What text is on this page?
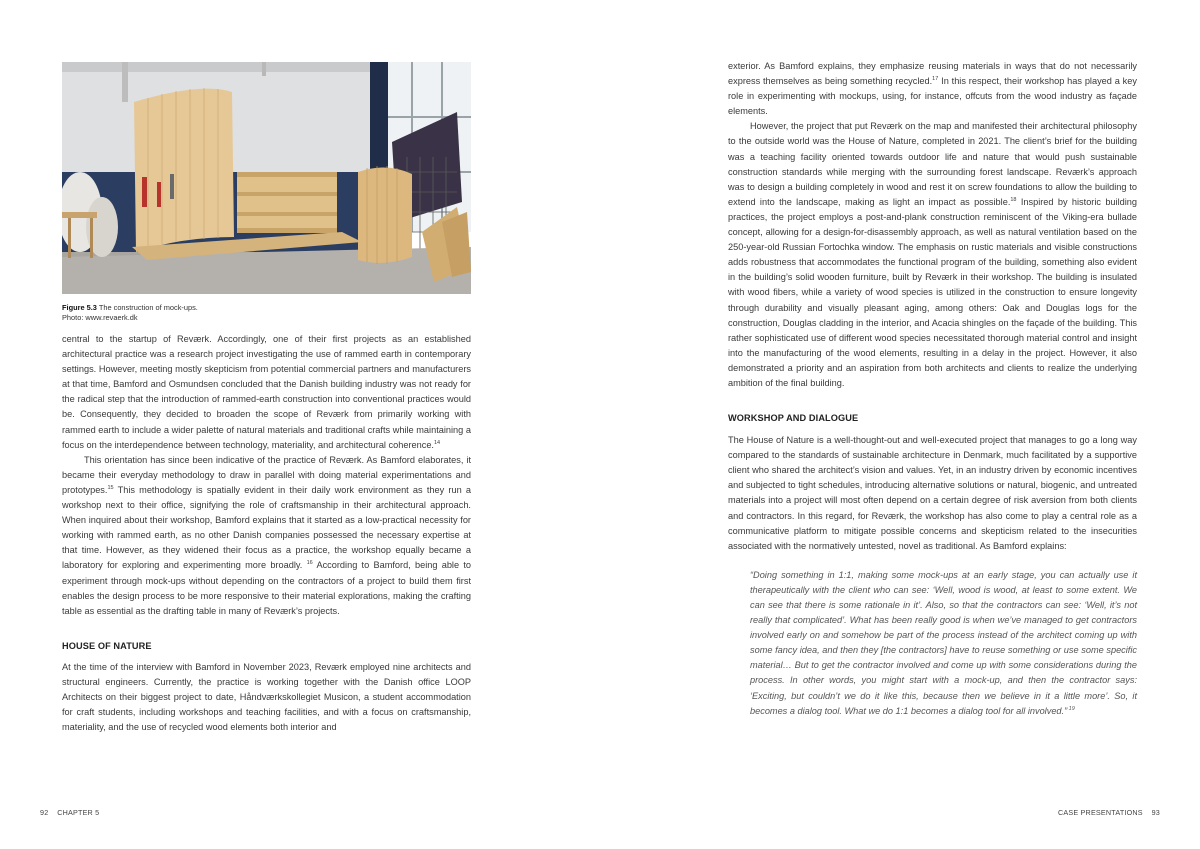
Figure 5.3 The construction of mock-ups.
Photo: www.revaerk.dk

central to the startup of Reværk. Accordingly, one of their first projects as an established architectural practice was a research project investigating the use of rammed earth in contemporary settings. However, meeting mostly skepticism from potential commercial partners and manufacturers at that time, Bamford and Osmundsen concluded that the Danish building industry was not ready for the radical step that the introduction of rammed-earth construction into conventional practices would be. Consequently, they decided to broaden the scope of Reværk from primarily working with rammed earth to include a wider palette of natural materials and traditional crafts while maintaining a focus on the interdependence between technology, materiality, and architectural coherence.$^{14}$

This orientation has since been indicative of the practice of Reværk. As Bamford elaborates, it became their everyday methodology to draw in parallel with doing material experimentations and prototypes.$^{15}$ This methodology is spatially evident in their daily work environment as they run a workshop next to their office, signifying the role of craftsmanship in their architectural approach. When inquired about their workshop, Bamford explains that it started as a low-practical necessity for working with rammed earth, as no other Danish companies possessed the necessary expertise at that time. However, as they widened their focus as a practice, the workshop equally became a laboratory for exploring and experimenting more broadly. $^{16}$ According to Bamford, being able to experiment through mock-ups without depending on the contractors of a project to build them first enables the design process to be more responsive to their material explorations, making the crafting table as essential as the drafting table in many of Reværk’s projects.

HOUSE OF NATURE

At the time of the interview with Bamford in November 2023, Reværk employed nine architects and structural engineers. Currently, the practice is working together with the Danish office LOOP Architects on their biggest project to date, Håndværkskollegiet Musicon, a student accommodation for craft students, including workshops and teaching facilities, and with a focus on craftsmanship, materiality, and the use of recycled wood elements both interior and

exterior. As Bamford explains, they emphasize reusing materials in ways that do not necessarily express themselves as being something recycled.$^{17}$ In this respect, their workshop has played a key role in experimenting with mockups, using, for instance, offcuts from the wood industry as façade elements.

However, the project that put Reværk on the map and manifested their architectural philosophy to the outside world was the House of Nature, completed in 2021. The client’s brief for the building was a teaching facility oriented towards outdoor life and nature that would push sustainable construction standards while merging with the surrounding forest landscape. Reværk’s approach was to design a building completely in wood and rest it on screw foundations to allow the building to extend into the landscape, making as light an impact as possible.$^{18}$ Inspired by historic building practices, the project employs a post-and-plank construction reminiscent of the Viking-era bullade concept, allowing for a design-for-disassembly approach, as well as natural ventilation based on the 250-year-old Russian Fortochka window. The emphasis on rustic materials and visible constructions adds robustness that accommodates the functional program of the building, something also evident in the building’s solid wooden furniture, built by Reværk in their workshop. The building is insulated with wood fibers, while a variety of wood species is utilized in the construction to ensure longevity through durability and visually pleasant aging, among others: Oak and Douglas logs for the construction, Douglas cladding in the interior, and Acacia shingles on the façade of the building. This rather sophisticated use of different wood species necessitated thorough material control and insight into the manufacturing of the wood elements, resulting in a delay in the project. However, it also demonstrated a priority and an aspiration from both architects and clients to realize the underlying ambition of the final building.

WORKSHOP AND DIALOGUE

The House of Nature is a well-thought-out and well-executed project that manages to go a long way compared to the standards of sustainable architecture in Denmark, much facilitated by a supportive client who shared the architect’s vision and values. Yet, in an industry driven by economic incentives and subjected to tight schedules, introducing alternative solutions or natural, biogenic, and untreated materials into a project will most often depend on a certain degree of risk aversion from both clients and contractors. In this regard, for Reværk, the workshop has also come to play a central role as a communicative platform to mitigate possible concerns and skepticism related to the insecurities associated with the normatively untested, novel as traditional. As Bamford explains:

“Doing something in 1:1, making some mock-ups at an early stage, you can actually use it therapeutically with the client who can see: ‘Well, wood is wood, at least to some extent. We can see that there is some rationale in it’. Also, so that the contractors can see: ‘Well, it’s not really that complicated’. What has been really good is when we’ve managed to get contractors involved early on and somehow be part of the process instead of the architect coming up with some fancy idea, and then they [the contractors] have to reuse something or use some specific material… But to get the contractor involved and come up with some considerations during the process. In other words, you might start with a mock-up, and then the contractor says: ‘Exciting, but couldn’t we do it like this, because then we believe in it a little more’. So, it becomes a dialog tool. What we do 1:1 becomes a dialog tool for all involved.” $^{19}$

92 CHAPTER 5	CASE PRESENTATIONS 93
